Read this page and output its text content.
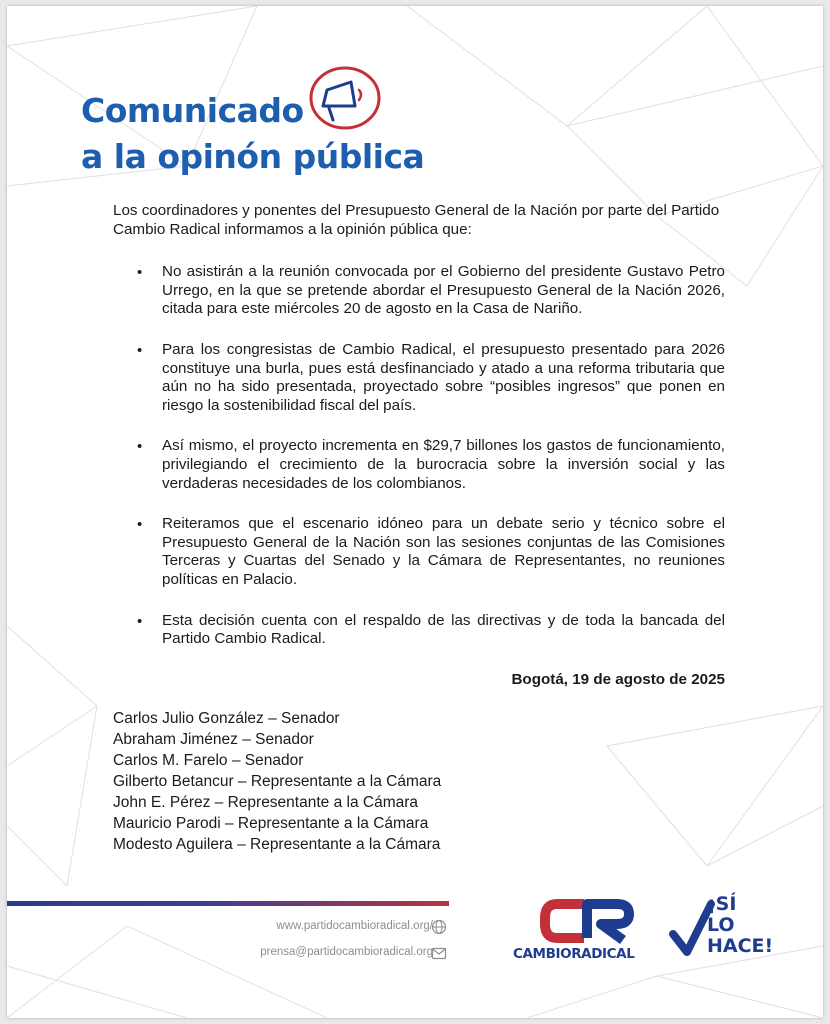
Comunicado
a la opinón pública

Los coordinadores y ponentes del Presupuesto General de la Nación por parte del Partido Cambio Radical informamos a la opinión pública que:

• No asistirán a la reunión convocada por el Gobierno del presidente Gustavo Petro Urrego, en la que se pretende abordar el Presupuesto General de la Nación 2026, citada para este miércoles 20 de agosto en la Casa de Nariño.
• Para los congresistas de Cambio Radical, el presupuesto presentado para 2026 constituye una burla, pues está desfinanciado y atado a una reforma tributaria que aún no ha sido presentada, proyectado sobre “posibles ingresos” que ponen en riesgo la sostenibilidad fiscal del país.
• Así mismo, el proyecto incrementa en $29,7 billones los gastos de funcionamiento, privilegiando el crecimiento de la burocracia sobre la inversión social y las verdaderas necesidades de los colombianos.
• Reiteramos que el escenario idóneo para un debate serio y técnico sobre el Presupuesto General de la Nación son las sesiones conjuntas de las Comisiones Terceras y Cuartas del Senado y la Cámara de Representantes, no reuniones políticas en Palacio.
• Esta decisión cuenta con el respaldo de las directivas y de toda la bancada del Partido Cambio Radical.
Bogotá, 19 de agosto de 2025
Carlos Julio González – Senador
Abraham Jiménez – Senador
Carlos M. Farelo – Senador
Gilberto Betancur – Representante a la Cámara
John E. Pérez – Representante a la Cámara
Mauricio Parodi – Representante a la Cámara
Modesto Aguilera – Representante a la Cámara
www.partidocambioradical.org/
prensa@partidocambioradical.org	CAMBIORADICAL
¡SÍ
LO
HACE!
